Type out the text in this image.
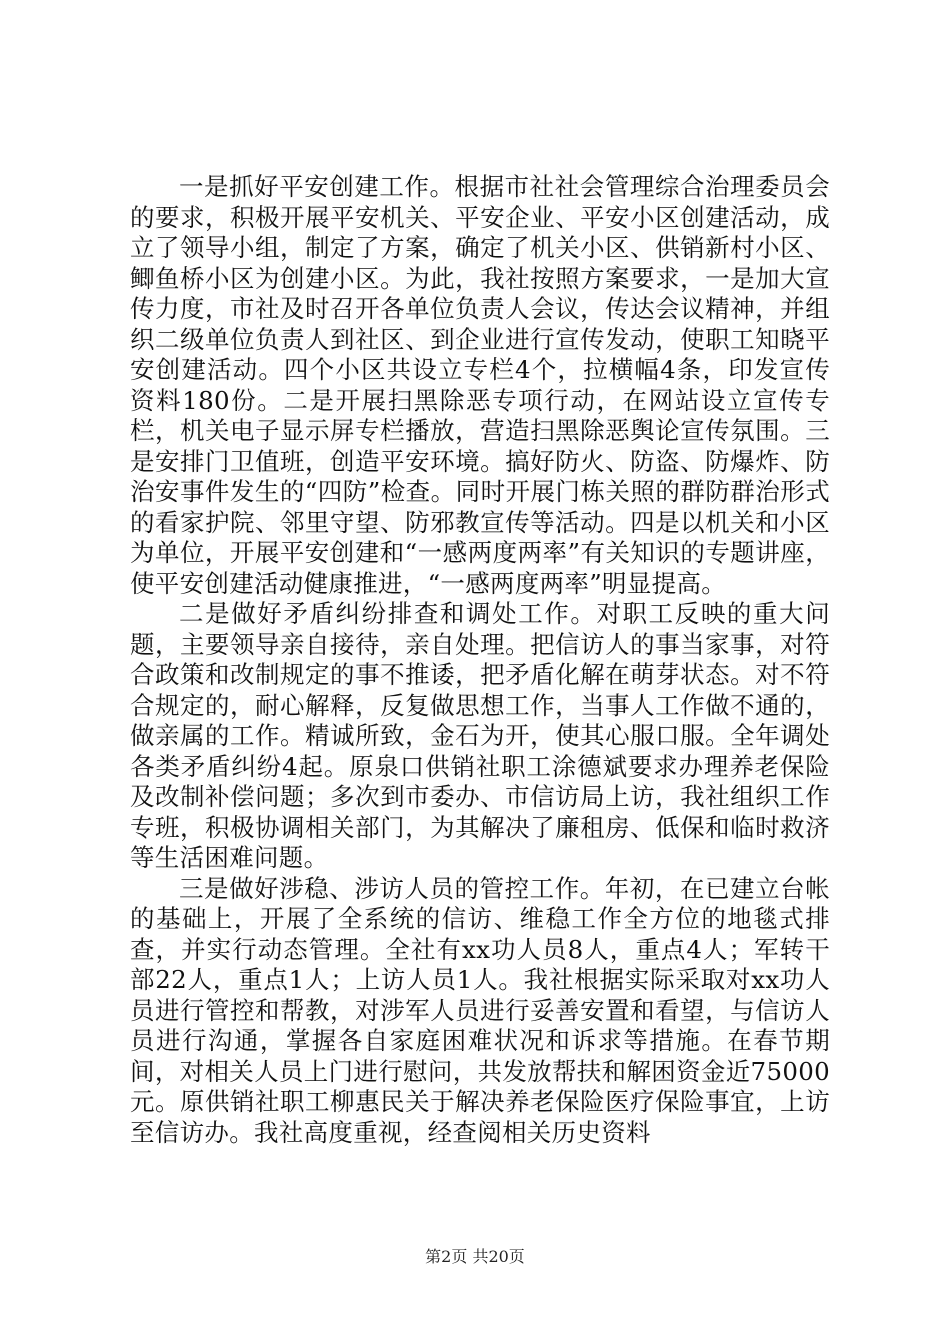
一是抓好平安创建工作。根据市社社会管理综合治理委员会的要求，积极开展平安机关、平安企业、平安小区创建活动，成立了领导小组，制定了方案，确定了机关小区、供销新村小区、鲫鱼桥小区为创建小区。为此，我社按照方案要求，一是加大宣传力度，市社及时召开各单位负责人会议，传达会议精神，并组织二级单位负责人到社区、到企业进行宣传发动，使职工知晓平安创建活动。四个小区共设立专栏4个，拉横幅4条，印发宣传资料180份。二是开展扫黑除恶专项行动，在网站设立宣传专栏，机关电子显示屏专栏播放，营造扫黑除恶舆论宣传氛围。三是安排门卫值班，创造平安环境。搞好防火、防盗、防爆炸、防治安事件发生的“四防”检查。同时开展门栋关照的群防群治形式的看家护院、邻里守望、防邪教宣传等活动。四是以机关和小区为单位，开展平安创建和“一感两度两率”有关知识的专题讲座，使平安创建活动健康推进，“一感两度两率”明显提高。

二是做好矛盾纠纷排查和调处工作。对职工反映的重大问题，主要领导亲自接待，亲自处理。把信访人的事当家事，对符合政策和改制规定的事不推诿，把矛盾化解在萌芽状态。对不符合规定的，耐心解释，反复做思想工作，当事人工作做不通的，做亲属的工作。精诚所致，金石为开，使其心服口服。全年调处各类矛盾纠纷4起。原泉口供销社职工涂德斌要求办理养老保险及改制补偿问题；多次到市委办、市信访局上访，我社组织工作专班，积极协调相关部门，为其解决了廉租房、低保和临时救济等生活困难问题。

三是做好涉稳、涉访人员的管控工作。年初，在已建立台帐的基础上，开展了全系统的信访、维稳工作全方位的地毯式排查，并实行动态管理。全社有xx功人员8人，重点4人；军转干部22人，重点1人；上访人员1人。我社根据实际采取对xx功人员进行管控和帮教，对涉军人员进行妥善安置和看望，与信访人员进行沟通，掌握各自家庭困难状况和诉求等措施。在春节期间，对相关人员上门进行慰问，共发放帮扶和解困资金近75000元。原供销社职工柳惠民关于解决养老保险医疗保险事宜，上访至信访办。我社高度重视，经查阅相关历史资料

第2页 共20页
